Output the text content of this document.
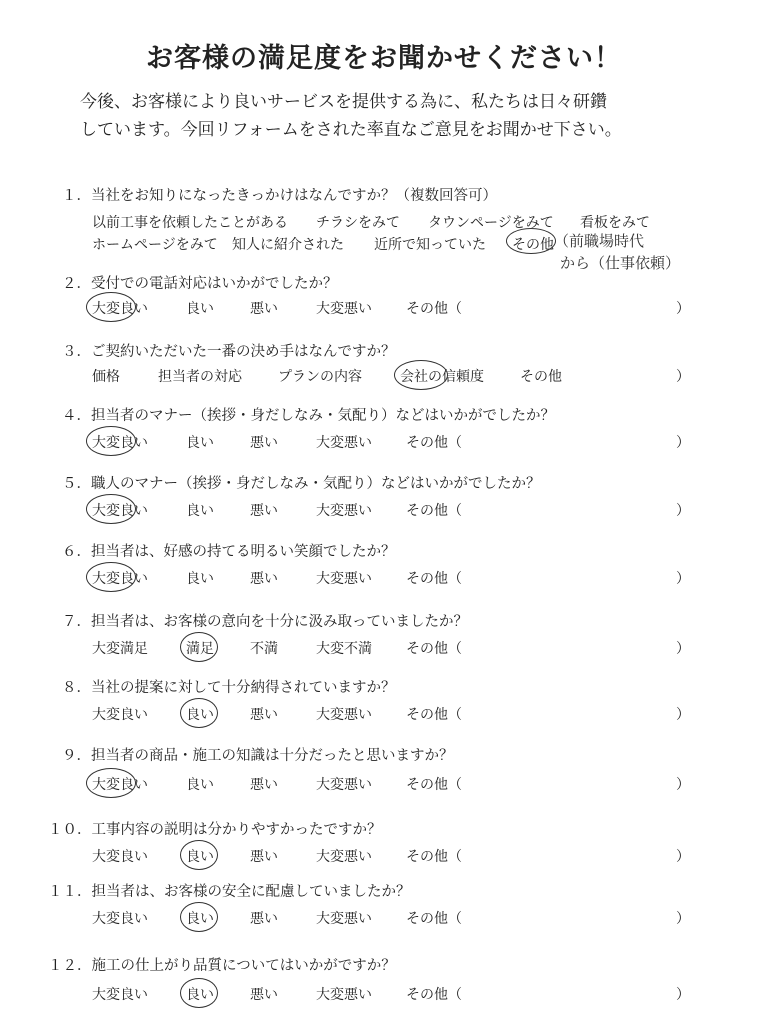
お客様の満足度をお聞かせください！
今後、お客様により良いサービスを提供する為に、私たちは日々研鑽
しています。今回リフォームをされた率直なご意見をお聞かせ下さい。
１．当社をお知りになったきっかけはなんですか？（複数回答可）
以前工事を依頼したことがある チラシをみて タウンページをみて 看板をみて
ホームページをみて 知人に紹介された 近所で知っていた その他 （前職場時代
から（仕事依頼）
２．受付での電話対応はいかがでしたか？
大変良い	良い	悪い	大変悪い その他（	）
３．ご契約いただいた一番の決め手はなんですか？
価格	担当者の対応	プランの内容	会社の信頼度	その他	）
４．担当者のマナー（挨拶・身だしなみ・気配り）などはいかがでしたか？
大変良い	良い	悪い	大変悪い その他（	）
５．職人のマナー（挨拶・身だしなみ・気配り）などはいかがでしたか？
大変良い	良い	悪い	大変悪い その他（	）
６．担当者は、好感の持てる明るい笑顔でしたか？
大変良い	良い	悪い	大変悪い その他（	）
７．担当者は、お客様の意向を十分に汲み取っていましたか？
大変満足	満足	不満	大変不満 その他（	）
８．当社の提案に対して十分納得されていますか？
大変良い	良い	悪い	大変悪い その他（	）
９．担当者の商品・施工の知識は十分だったと思いますか？
大変良い	良い	悪い	大変悪い その他（	）
１０．工事内容の説明は分かりやすかったですか？
大変良い	良い	悪い	大変悪い その他（	）
１１．担当者は、お客様の安全に配慮していましたか？
大変良い	良い	悪い	大変悪い その他（	）
１２．施工の仕上がり品質についてはいかがですか？
大変良い	良い	悪い	大変悪い その他（	）
